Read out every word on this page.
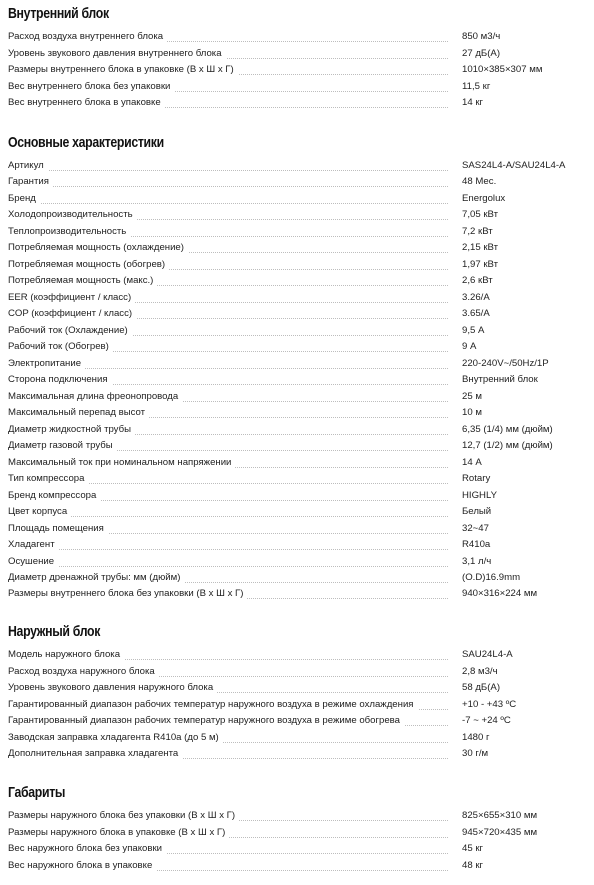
Внутренний блок
Расход воздуха внутреннего блока	850 м3/ч
Уровень звукового давления внутреннего блока	27 дБ(А)
Размеры внутреннего блока в упаковке (В x Ш x Г)	1010×385×307 мм
Вес внутреннего блока без упаковки	11,5 кг
Вес внутреннего блока в упаковке	14 кг
Основные характеристики
Артикул	SAS24L4-A/SAU24L4-A
Гарантия	48 Мес.
Бренд	Energolux
Холодопроизводительность	7,05 кВт
Теплопроизводительность	7,2 кВт
Потребляемая мощность (охлаждение)	2,15 кВт
Потребляемая мощность (обогрев)	1,97 кВт
Потребляемая мощность (макс.)	2,6 кВт
EER (коэффициент / класс)	3.26/A
COP (коэффициент / класс)	3.65/A
Рабочий ток (Охлаждение)	9,5 А
Рабочий ток (Обогрев)	9 А
Электропитание	220-240V~/50Hz/1P
Сторона подключения	Внутренний блок
Максимальная длина фреонопровода	25 м
Максимальный перепад высот	10 м
Диаметр жидкостной трубы	6,35 (1/4) мм (дюйм)
Диаметр газовой трубы	12,7 (1/2) мм (дюйм)
Максимальный ток при номинальном напряжении	14 А
Тип компрессора	Rotary
Бренд компрессора	HIGHLY
Цвет корпуса	Белый
Площадь помещения	32~47
Хладагент	R410a
Осушение	3,1 л/ч
Диаметр дренажной трубы: мм (дюйм)	(O.D)16.9mm
Размеры внутреннего блока без упаковки (В x Ш x Г)	940×316×224 мм
Наружный блок
Модель наружного блока	SAU24L4-A
Расход воздуха наружного блока	2,8 м3/ч
Уровень звукового давления наружного блока	58 дБ(А)
Гарантированный диапазон рабочих температур наружного воздуха в режиме охлаждения	+10 - +43 ºС
Гарантированный диапазон рабочих температур наружного воздуха в режиме обогрева	-7 ~ +24 ºС
Заводская заправка хладагента R410a (до 5 м)	1480 г
Дополнительная заправка хладагента	30 г/м
Габариты
Размеры наружного блока без упаковки (В x Ш x Г)	825×655×310 мм
Размеры наружного блока в упаковке (В x Ш x Г)	945×720×435 мм
Вес наружного блока без упаковки	45 кг
Вес наружного блока в упаковке	48 кг
